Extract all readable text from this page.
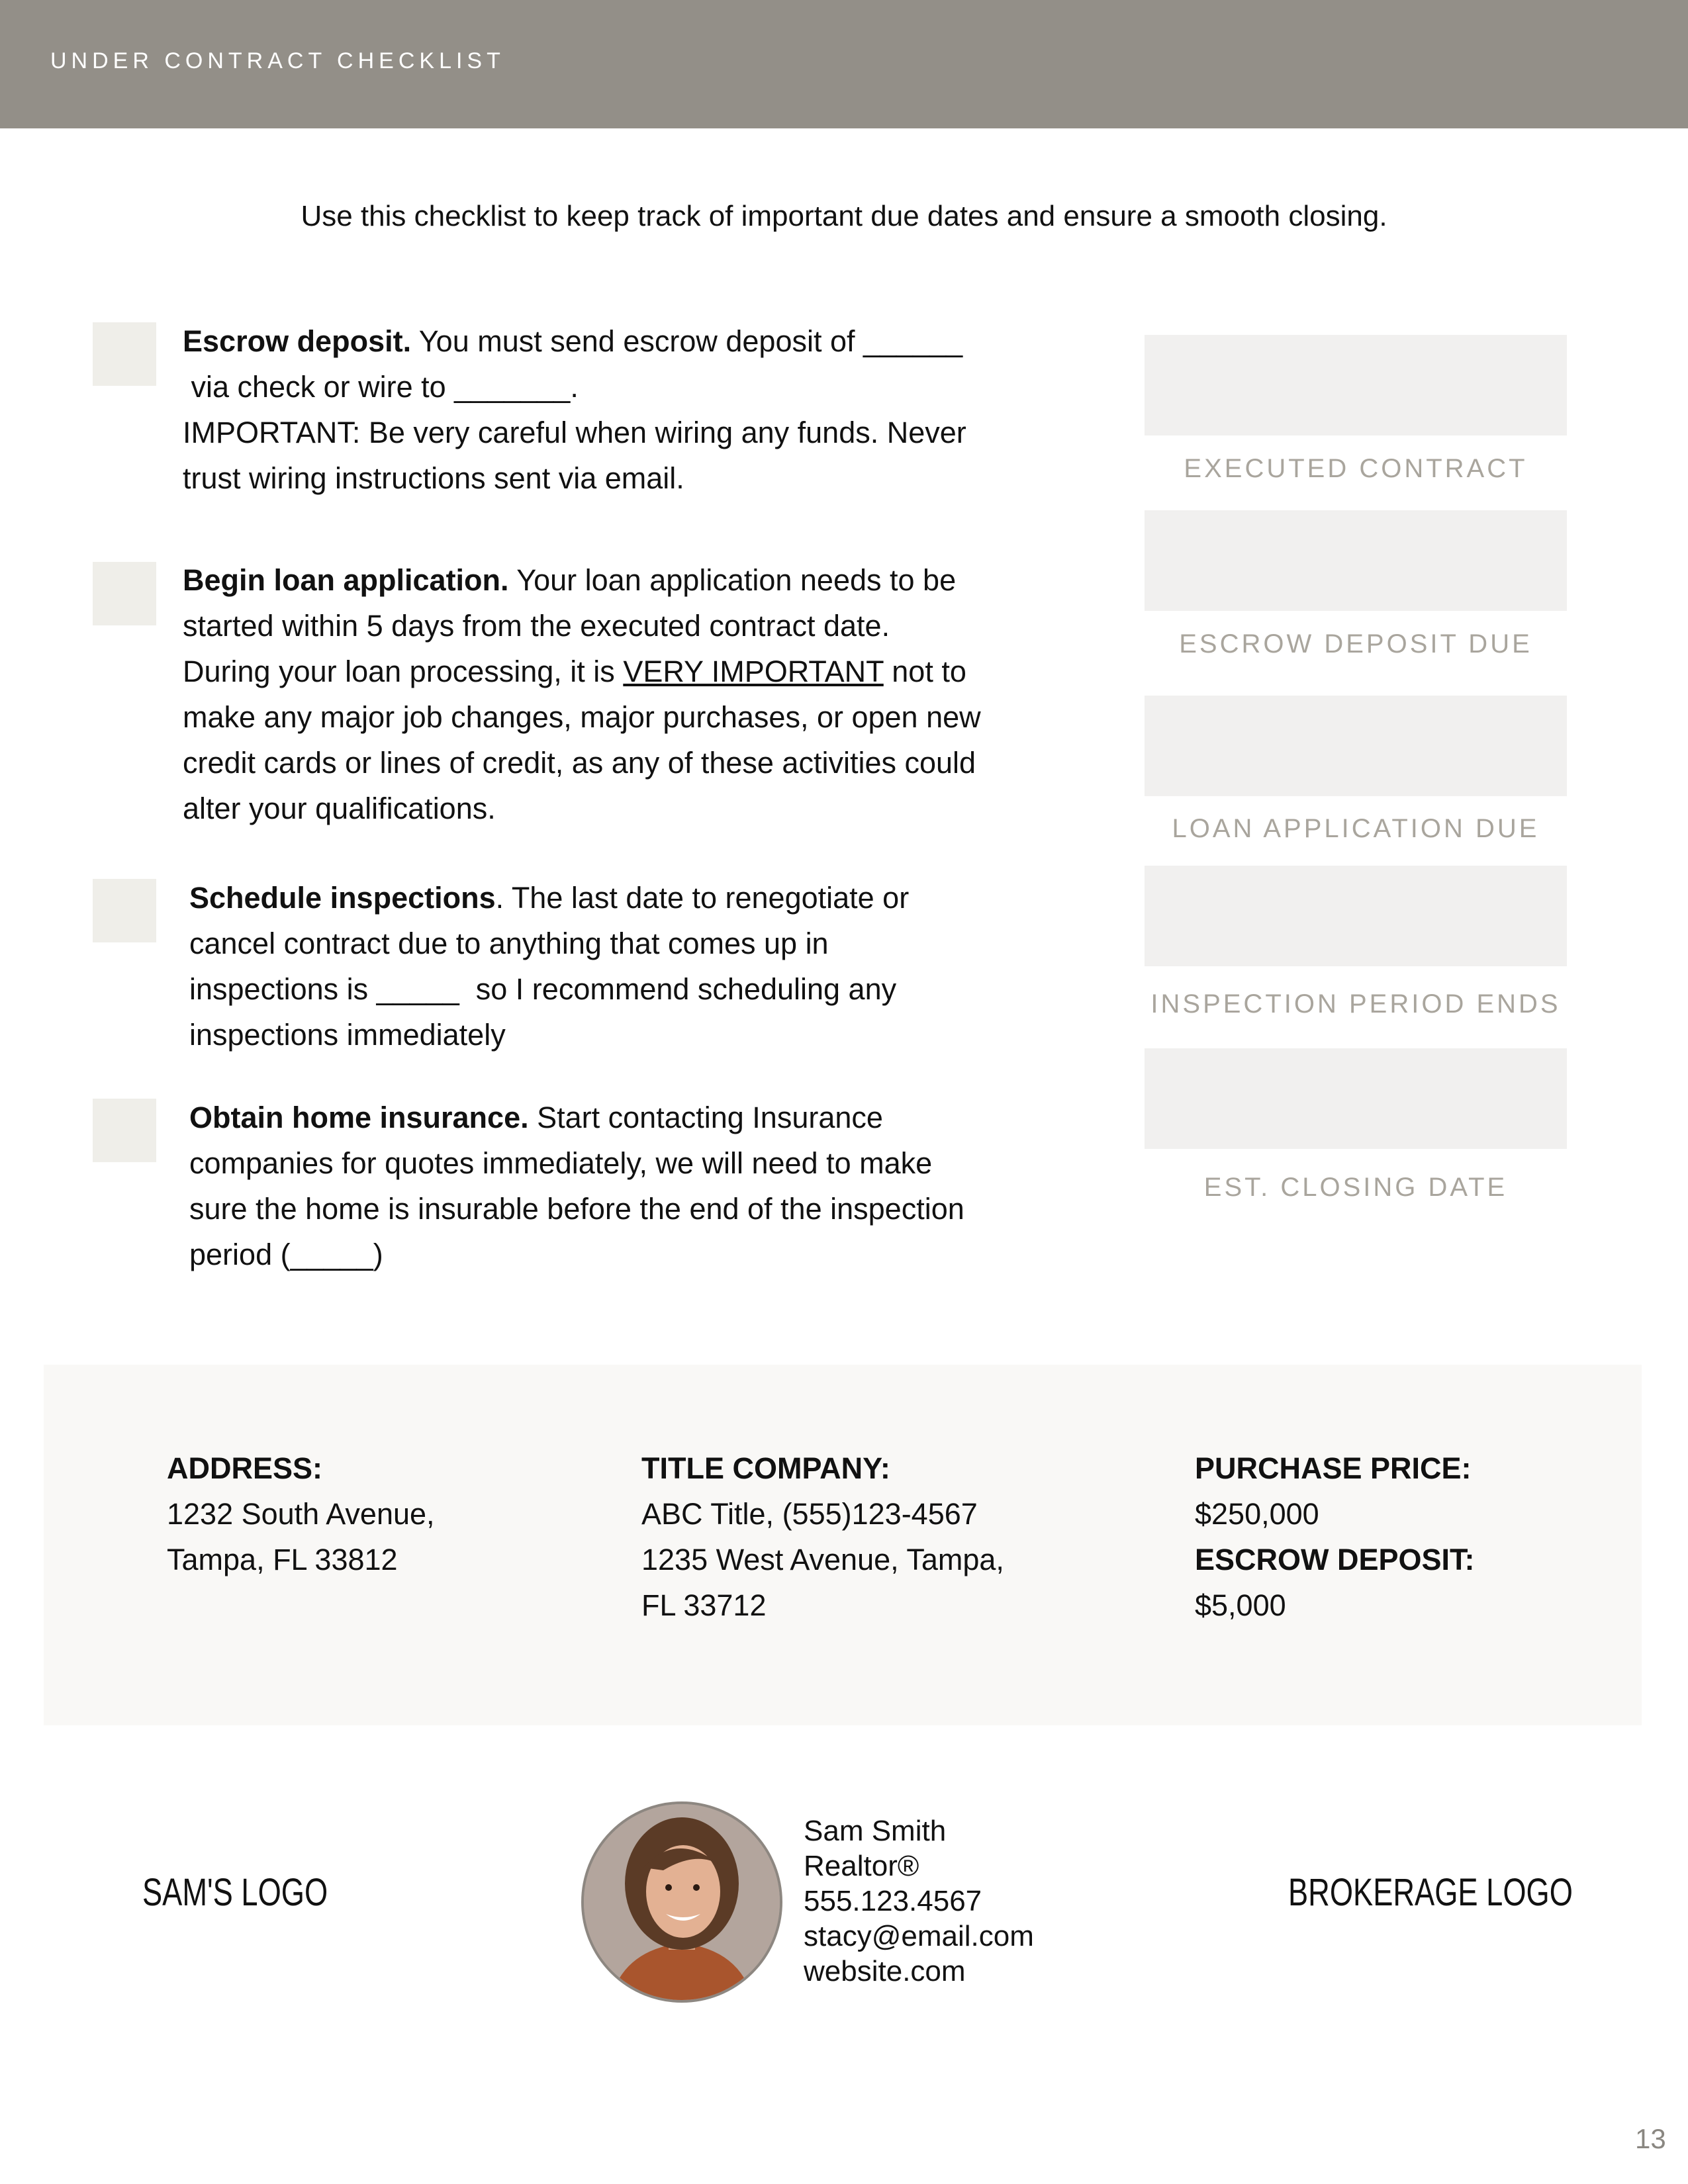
UNDER CONTRACT CHECKLIST
Use this checklist to keep track of important due dates and ensure a smooth closing.
Escrow deposit. You must send escrow deposit of ______
via check or wire to _______.
IMPORTANT: Be very careful when wiring any funds. Never
trust wiring instructions sent via email.
Begin loan application. Your loan application needs to be
started within 5 days from the executed contract date.
During your loan processing, it is VERY IMPORTANT not to
make any major job changes, major purchases, or open new
credit cards or lines of credit, as any of these activities could
alter your qualifications.
Schedule inspections. The last date to renegotiate or
cancel contract due to anything that comes up in
inspections is _____  so I recommend scheduling any
inspections immediately
Obtain home insurance. Start contacting Insurance
companies for quotes immediately, we will need to make
sure the home is insurable before the end of the inspection
period (_____)
EXECUTED CONTRACT
ESCROW DEPOSIT DUE
LOAN APPLICATION DUE
INSPECTION PERIOD ENDS
EST. CLOSING DATE
ADDRESS:
1232 South Avenue,
Tampa, FL 33812
TITLE COMPANY:
ABC Title, (555)123-4567
1235 West Avenue, Tampa,
FL 33712
PURCHASE PRICE:
$250,000
ESCROW DEPOSIT:
$5,000
SAM'S LOGO
Sam Smith
Realtor®
555.123.4567
stacy@email.com
website.com
BROKERAGE LOGO
13
